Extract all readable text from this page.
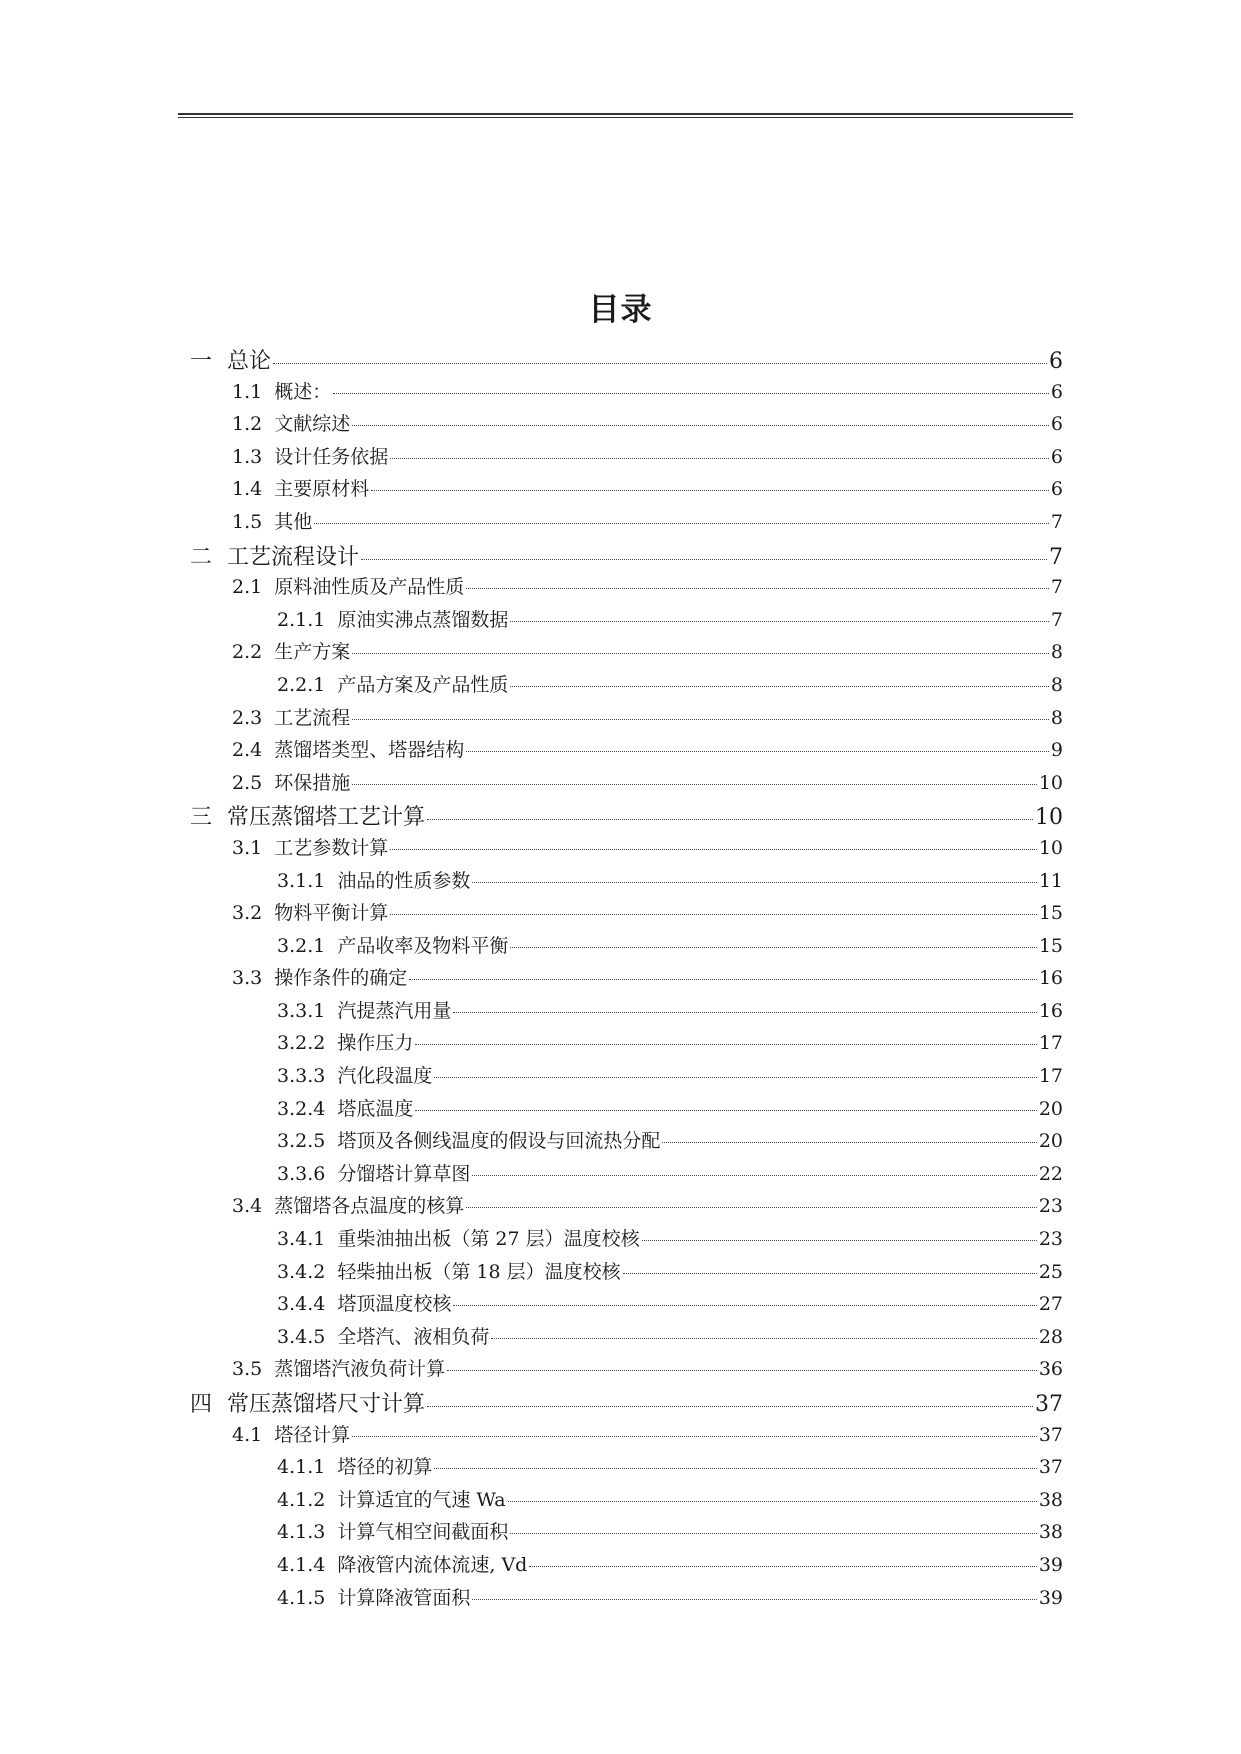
目录
一 总论	6
1.1 概述：	6
1.2 文献综述	6
1.3 设计任务依据	6
1.4 主要原材料	6
1.5 其他	7
二 工艺流程设计	7
2.1 原料油性质及产品性质	7
2.1.1 原油实沸点蒸馏数据	7
2.2 生产方案	8
2.2.1 产品方案及产品性质	8
2.3 工艺流程	8
2.4 蒸馏塔类型、塔器结构	9
2.5 环保措施	10
三 常压蒸馏塔工艺计算	10
3.1 工艺参数计算	10
3.1.1 油品的性质参数	11
3.2 物料平衡计算	15
3.2.1 产品收率及物料平衡	15
3.3 操作条件的确定	16
3.3.1 汽提蒸汽用量	16
3.2.2 操作压力	17
3.3.3 汽化段温度	17
3.2.4 塔底温度	20
3.2.5 塔顶及各侧线温度的假设与回流热分配	20
3.3.6 分馏塔计算草图	22
3.4 蒸馏塔各点温度的核算	23
3.4.1 重柴油抽出板（第 27 层）温度校核	23
3.4.2 轻柴抽出板（第 18 层）温度校核	25
3.4.4 塔顶温度校核	27
3.4.5 全塔汽、液相负荷	28
3.5 蒸馏塔汽液负荷计算	36
四 常压蒸馏塔尺寸计算	37
4.1 塔径计算	37
4.1.1 塔径的初算	37
4.1.2 计算适宜的气速 Wa	38
4.1.3 计算气相空间截面积	38
4.1.4 降液管内流体流速, Vd	39
4.1.5 计算降液管面积	39
